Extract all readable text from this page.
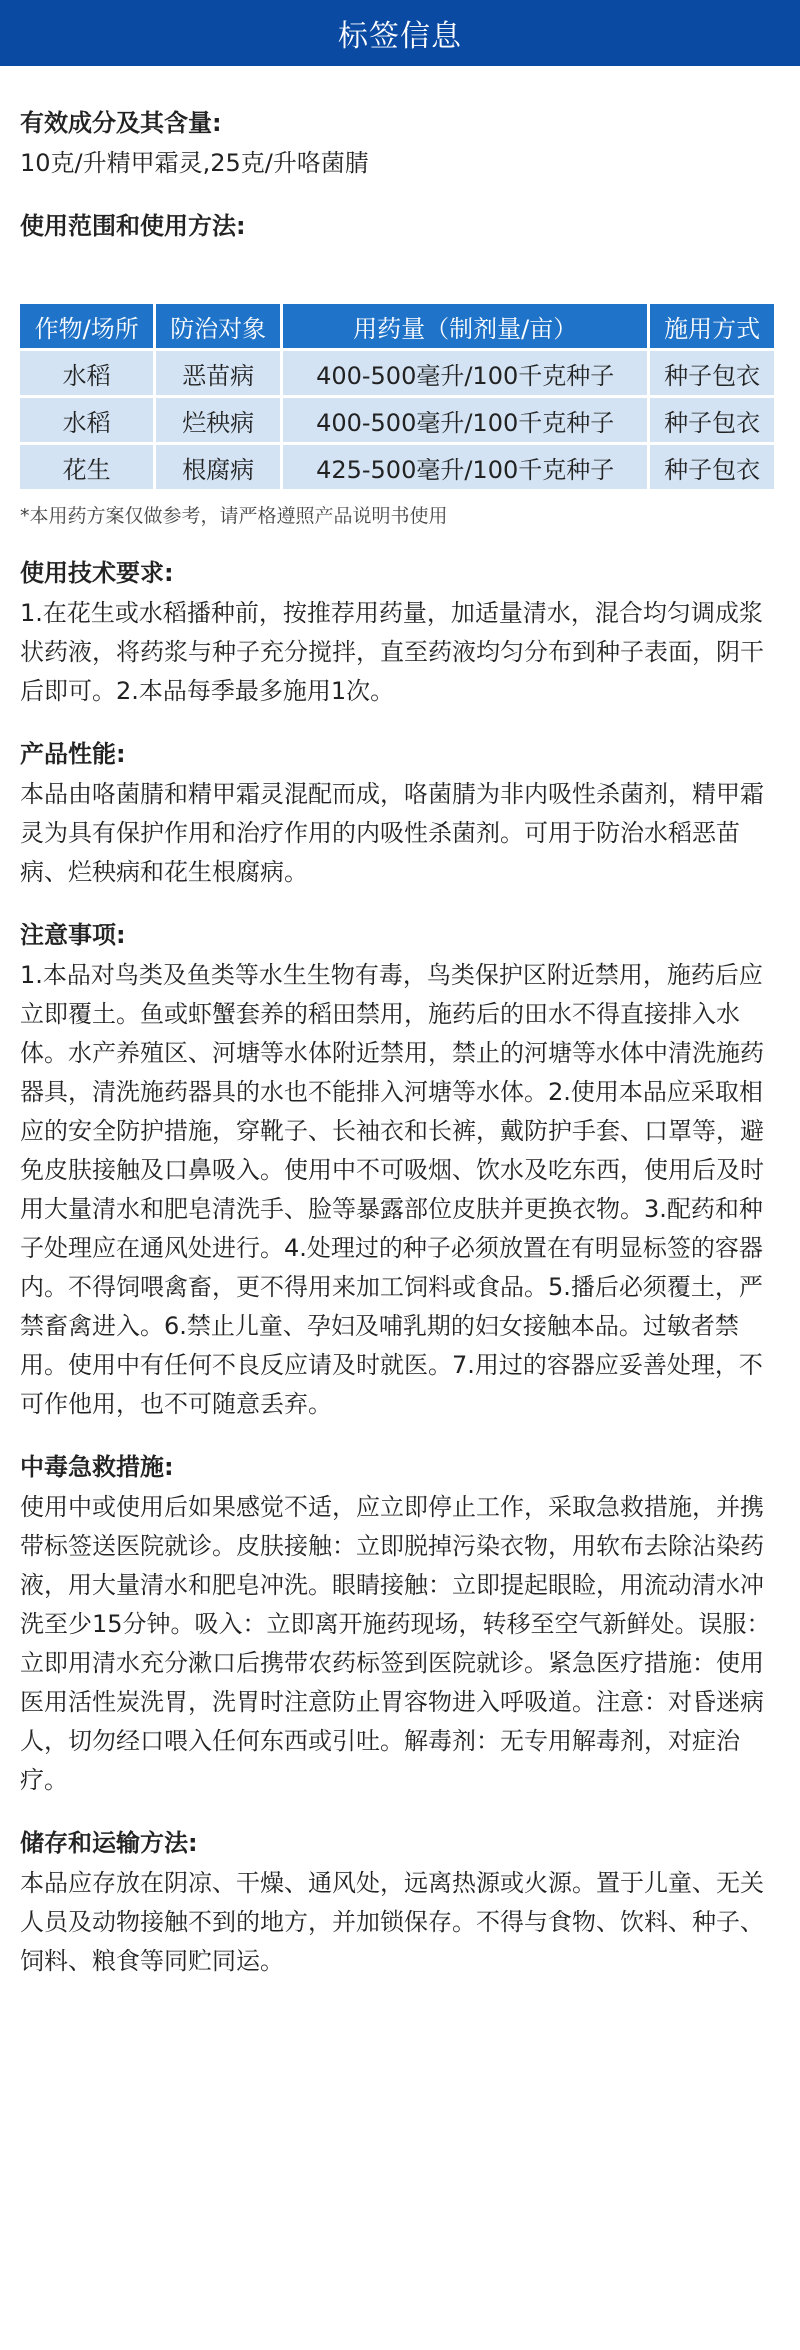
标签信息

有效成分及其含量:

10克/升精甲霜灵,25克/升咯菌腈

使用范围和使用方法:

作物/场所	防治对象	用药量（制剂量/亩）	施用方式
水稻	恶苗病	400-500毫升/100千克种子	种子包衣
水稻	烂秧病	400-500毫升/100千克种子	种子包衣
花生	根腐病	425-500毫升/100千克种子	种子包衣

*本用药方案仅做参考，请严格遵照产品说明书使用

使用技术要求:

1.在花生或水稻播种前，按推荐用药量，加适量清水，混合均匀调成浆状药液，将药浆与种子充分搅拌，直至药液均匀分布到种子表面，阴干后即可。2.本品每季最多施用1次。

产品性能:

本品由咯菌腈和精甲霜灵混配而成，咯菌腈为非内吸性杀菌剂，精甲霜灵为具有保护作用和治疗作用的内吸性杀菌剂。可用于防治水稻恶苗病、烂秧病和花生根腐病。

注意事项:

1.本品对鸟类及鱼类等水生生物有毒，鸟类保护区附近禁用，施药后应立即覆土。鱼或虾蟹套养的稻田禁用，施药后的田水不得直接排入水体。水产养殖区、河塘等水体附近禁用，禁止的河塘等水体中清洗施药器具，清洗施药器具的水也不能排入河塘等水体。2.使用本品应采取相应的安全防护措施，穿靴子、长袖衣和长裤，戴防护手套、口罩等，避免皮肤接触及口鼻吸入。使用中不可吸烟、饮水及吃东西，使用后及时用大量清水和肥皂清洗手、脸等暴露部位皮肤并更换衣物。3.配药和种子处理应在通风处进行。4.处理过的种子必须放置在有明显标签的容器内。不得饲喂禽畜，更不得用来加工饲料或食品。5.播后必须覆土，严禁畜禽进入。6.禁止儿童、孕妇及哺乳期的妇女接触本品。过敏者禁用。使用中有任何不良反应请及时就医。7.用过的容器应妥善处理，不可作他用，也不可随意丢弃。

中毒急救措施:

使用中或使用后如果感觉不适，应立即停止工作，采取急救措施，并携带标签送医院就诊。皮肤接触：立即脱掉污染衣物，用软布去除沾染药液，用大量清水和肥皂冲洗。眼睛接触：立即提起眼睑，用流动清水冲洗至少15分钟。吸入：立即离开施药现场，转移至空气新鲜处。误服：立即用清水充分漱口后携带农药标签到医院就诊。紧急医疗措施：使用医用活性炭洗胃，洗胃时注意防止胃容物进入呼吸道。注意：对昏迷病人，切勿经口喂入任何东西或引吐。解毒剂：无专用解毒剂，对症治疗。

储存和运输方法:

本品应存放在阴凉、干燥、通风处，远离热源或火源。置于儿童、无关人员及动物接触不到的地方，并加锁保存。不得与食物、饮料、种子、饲料、粮食等同贮同运。
